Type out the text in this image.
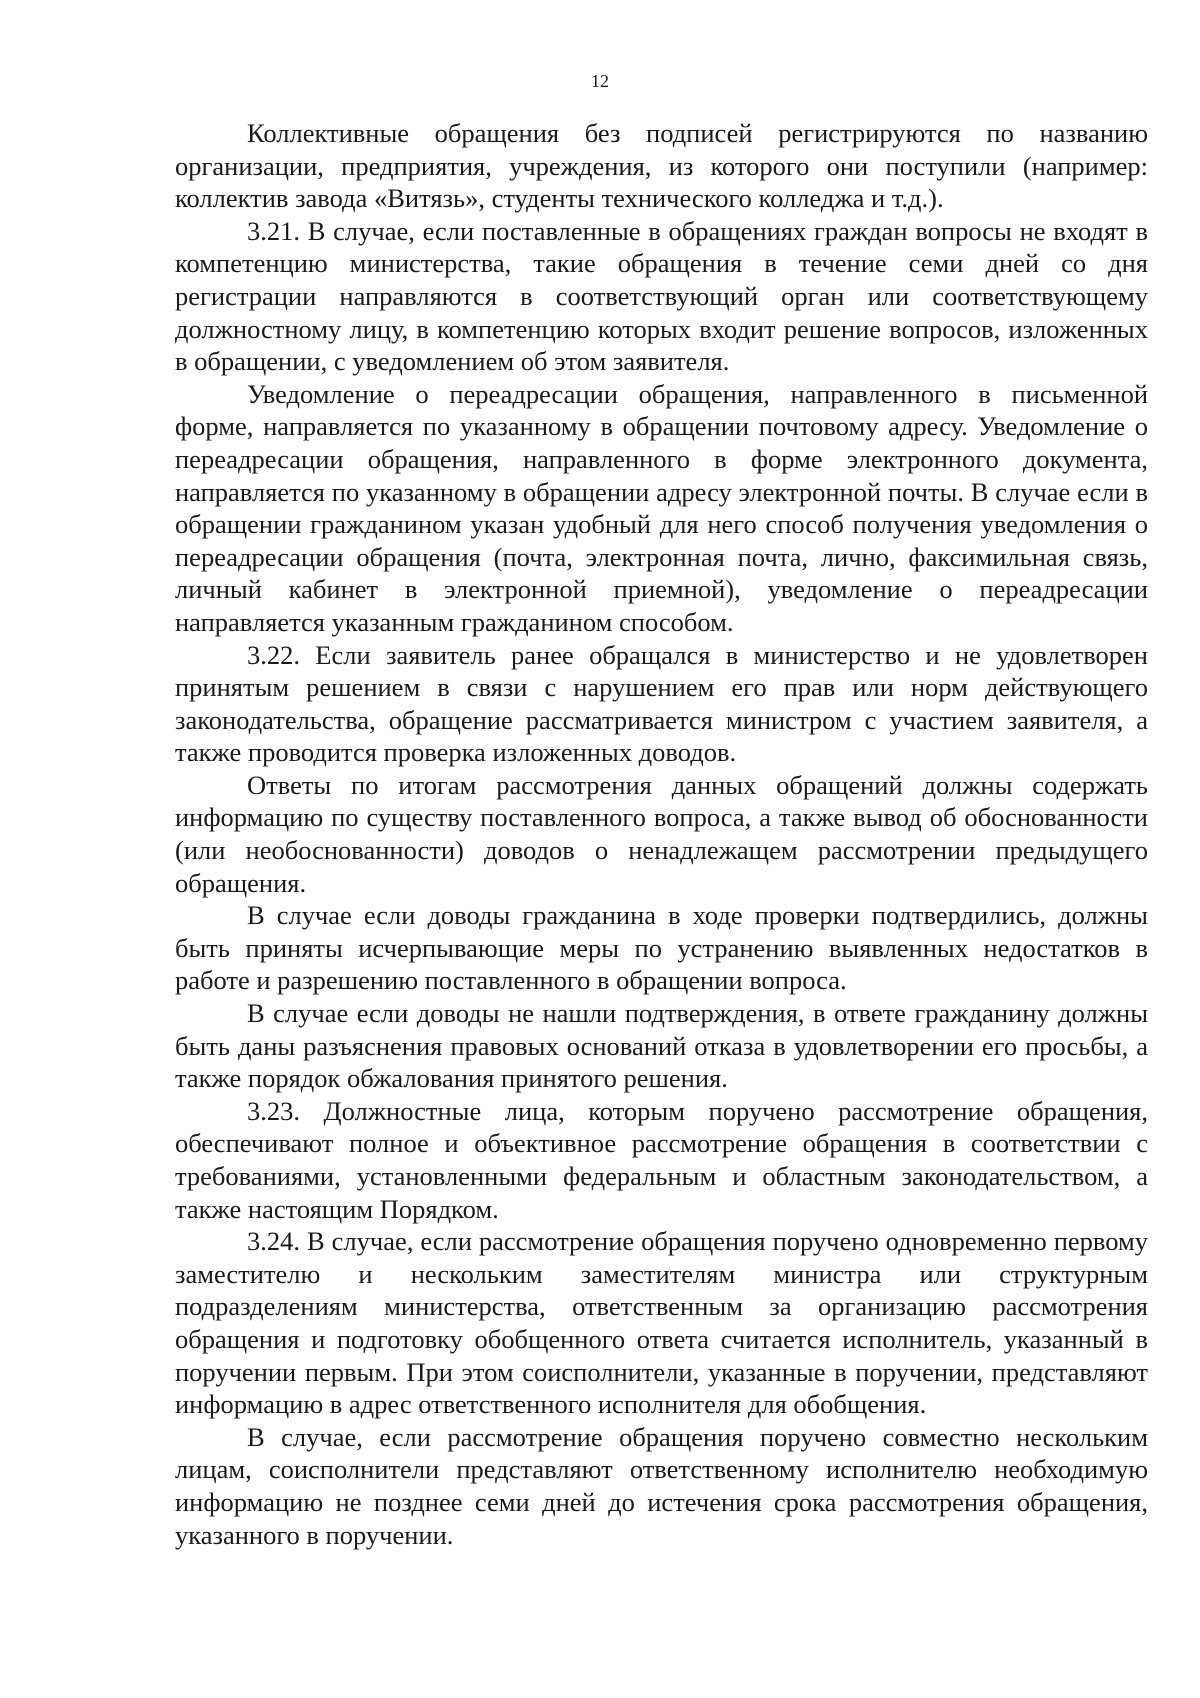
12

Коллективные обращения без подписей регистрируются по названию организации, предприятия, учреждения, из которого они поступили (например: коллектив завода «Витязь», студенты технического колледжа и т.д.).

3.21. В случае, если поставленные в обращениях граждан вопросы не входят в компетенцию министерства, такие обращения в течение семи дней со дня регистрации направляются в соответствующий орган или соответствующему должностному лицу, в компетенцию которых входит решение вопросов, изложенных в обращении, с уведомлением об этом заявителя.

Уведомление о переадресации обращения, направленного в письменной форме, направляется по указанному в обращении почтовому адресу. Уведомление о переадресации обращения, направленного в форме электронного документа, направляется по указанному в обращении адресу электронной почты. В случае если в обращении гражданином указан удобный для него способ получения уведомления о переадресации обращения (почта, электронная почта, лично, факсимильная связь, личный кабинет в электронной приемной), уведомление о переадресации направляется указанным гражданином способом.

3.22. Если заявитель ранее обращался в министерство и не удовлетворен принятым решением в связи с нарушением его прав или норм действующего законодательства, обращение рассматривается министром с участием заявителя, а также проводится проверка изложенных доводов.

Ответы по итогам рассмотрения данных обращений должны содержать информацию по существу поставленного вопроса, а также вывод об обоснованности (или необоснованности) доводов о ненадлежащем рассмотрении предыдущего обращения.

В случае если доводы гражданина в ходе проверки подтвердились, должны быть приняты исчерпывающие меры по устранению выявленных недостатков в работе и разрешению поставленного в обращении вопроса.

В случае если доводы не нашли подтверждения, в ответе гражданину должны быть даны разъяснения правовых оснований отказа в удовлетворении его просьбы, а также порядок обжалования принятого решения.

3.23. Должностные лица, которым поручено рассмотрение обращения, обеспечивают полное и объективное рассмотрение обращения в соответствии с требованиями, установленными федеральным и областным законодательством, а также настоящим Порядком.

3.24. В случае, если рассмотрение обращения поручено одновременно первому заместителю и нескольким заместителям министра или структурным подразделениям министерства, ответственным за организацию рассмотрения обращения и подготовку обобщенного ответа считается исполнитель, указанный в поручении первым. При этом соисполнители, указанные в поручении, представляют информацию в адрес ответственного исполнителя для обобщения.

В случае, если рассмотрение обращения поручено совместно нескольким лицам, соисполнители представляют ответственному исполнителю необходимую информацию не позднее семи дней до истечения срока рассмотрения обращения, указанного в поручении.
